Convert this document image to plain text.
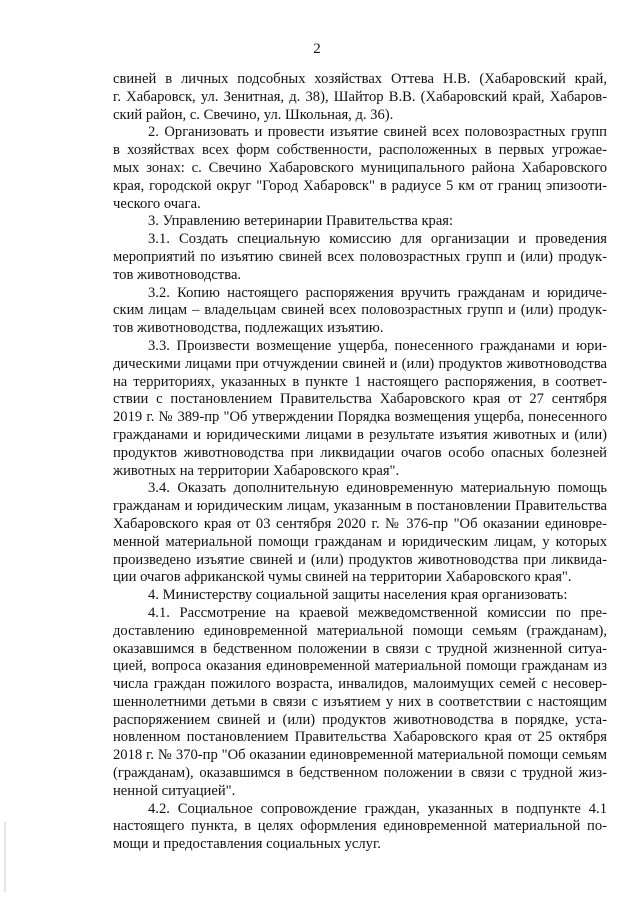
2
свиней в личных подсобных хозяйствах Оттева Н.В. (Хабаровский край,
г. Хабаровск, ул. Зенитная, д. 38), Шайтор В.В. (Хабаровский край, Хабаров-
ский район, с. Свечино, ул. Школьная, д. 36).
2. Организовать и провести изъятие свиней всех половозрастных групп
в хозяйствах всех форм собственности, расположенных в первых угрожае-
мых зонах: с. Свечино Хабаровского муниципального района Хабаровского
края, городской округ "Город Хабаровск" в радиусе 5 км от границ эпизооти-
ческого очага.
3. Управлению ветеринарии Правительства края:
3.1. Создать специальную комиссию для организации и проведения
мероприятий по изъятию свиней всех половозрастных групп и (или) продук-
тов животноводства.
3.2. Копию настоящего распоряжения вручить гражданам и юридиче-
ским лицам – владельцам свиней всех половозрастных групп и (или) продук-
тов животноводства, подлежащих изъятию.
3.3. Произвести возмещение ущерба, понесенного гражданами и юри-
дическими лицами при отчуждении свиней и (или) продуктов животноводства
на территориях, указанных в пункте 1 настоящего распоряжения, в соответ-
ствии с постановлением Правительства Хабаровского края от 27 сентября
2019 г. № 389-пр "Об утверждении Порядка возмещения ущерба, понесенного
гражданами и юридическими лицами в результате изъятия животных и (или)
продуктов животноводства при ликвидации очагов особо опасных болезней
животных на территории Хабаровского края".
3.4. Оказать дополнительную единовременную материальную помощь
гражданам и юридическим лицам, указанным в постановлении Правительства
Хабаровского края от 03 сентября 2020 г. № 376-пр "Об оказании единовре-
менной материальной помощи гражданам и юридическим лицам, у которых
произведено изъятие свиней и (или) продуктов животноводства при ликвида-
ции очагов африканской чумы свиней на территории Хабаровского края".
4. Министерству социальной защиты населения края организовать:
4.1. Рассмотрение на краевой межведомственной комиссии по пре-
доставлению единовременной материальной помощи семьям (гражданам),
оказавшимся в бедственном положении в связи с трудной жизненной ситуа-
цией, вопроса оказания единовременной материальной помощи гражданам из
числа граждан пожилого возраста, инвалидов, малоимущих семей с несовер-
шеннолетними детьми в связи с изъятием у них в соответствии с настоящим
распоряжением свиней и (или) продуктов животноводства в порядке, уста-
новленном постановлением Правительства Хабаровского края от 25 октября
2018 г. № 370-пр "Об оказании единовременной материальной помощи семьям
(гражданам), оказавшимся в бедственном положении в связи с трудной жиз-
ненной ситуацией".
4.2. Социальное сопровождение граждан, указанных в подпункте 4.1
настоящего пункта, в целях оформления единовременной материальной по-
мощи и предоставления социальных услуг.
